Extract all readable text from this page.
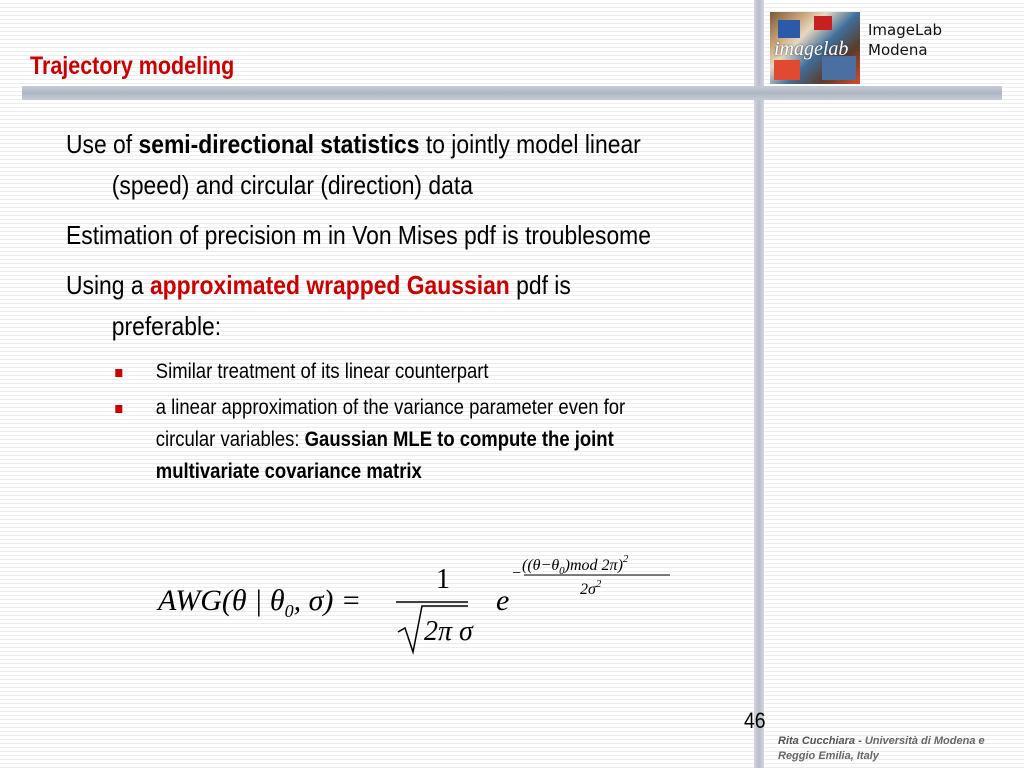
Trajectory modeling
imagelab
ImageLab
Modena
Use of semi-directional statistics to jointly model linear (speed) and circular (direction) data
Estimation of precision m in Von Mises pdf is troublesome
Using a approximated wrapped Gaussian pdf is preferable:
Similar treatment of its linear counterpart
a linear approximation of the variance parameter even for circular variables: Gaussian MLE to compute the joint multivariate covariance matrix
AWG(θ | $\theta_0$, σ) =
1
2π σ
e
− ($(\theta-\theta_0)mod$ 2π)$^2$
$2\sigma^2$
46
Rita Cucchiara - Università di Modena e Reggio Emilia, Italy
